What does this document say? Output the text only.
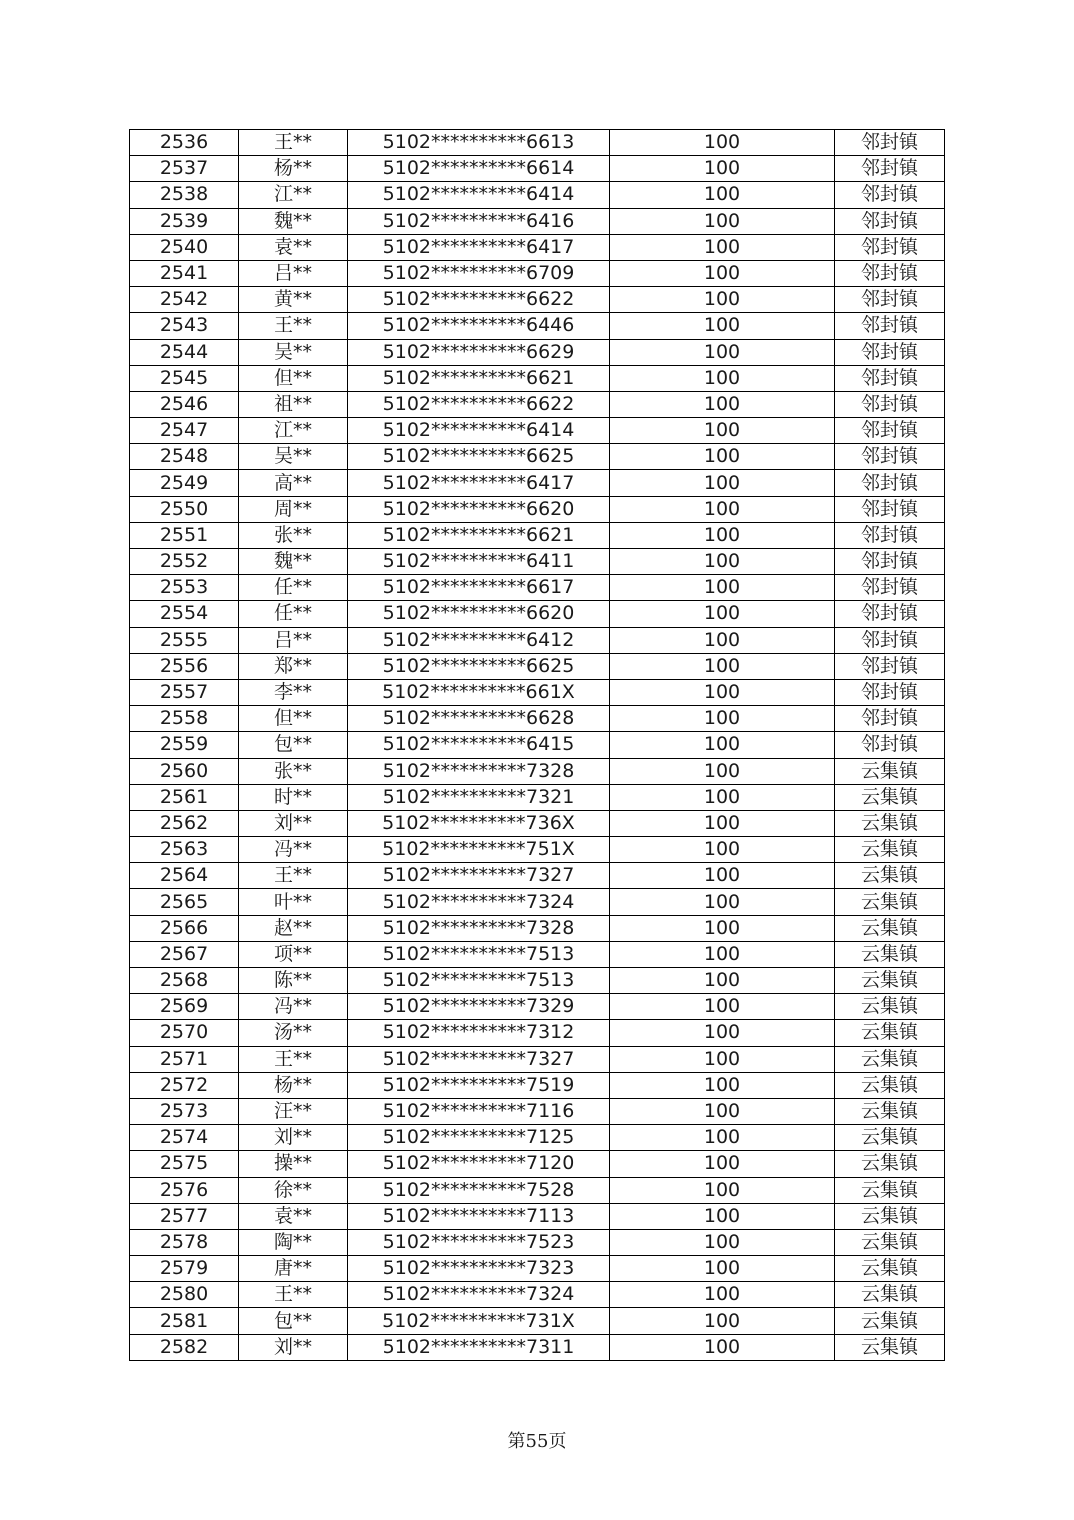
2536	王**	5102**********6613	100	邻封镇
2537	杨**	5102**********6614	100	邻封镇
2538	江**	5102**********6414	100	邻封镇
2539	魏**	5102**********6416	100	邻封镇
2540	袁**	5102**********6417	100	邻封镇
2541	吕**	5102**********6709	100	邻封镇
2542	黄**	5102**********6622	100	邻封镇
2543	王**	5102**********6446	100	邻封镇
2544	吴**	5102**********6629	100	邻封镇
2545	但**	5102**********6621	100	邻封镇
2546	祖**	5102**********6622	100	邻封镇
2547	江**	5102**********6414	100	邻封镇
2548	吴**	5102**********6625	100	邻封镇
2549	高**	5102**********6417	100	邻封镇
2550	周**	5102**********6620	100	邻封镇
2551	张**	5102**********6621	100	邻封镇
2552	魏**	5102**********6411	100	邻封镇
2553	任**	5102**********6617	100	邻封镇
2554	任**	5102**********6620	100	邻封镇
2555	吕**	5102**********6412	100	邻封镇
2556	郑**	5102**********6625	100	邻封镇
2557	李**	5102**********661X	100	邻封镇
2558	但**	5102**********6628	100	邻封镇
2559	包**	5102**********6415	100	邻封镇
2560	张**	5102**********7328	100	云集镇
2561	时**	5102**********7321	100	云集镇
2562	刘**	5102**********736X	100	云集镇
2563	冯**	5102**********751X	100	云集镇
2564	王**	5102**********7327	100	云集镇
2565	叶**	5102**********7324	100	云集镇
2566	赵**	5102**********7328	100	云集镇
2567	项**	5102**********7513	100	云集镇
2568	陈**	5102**********7513	100	云集镇
2569	冯**	5102**********7329	100	云集镇
2570	汤**	5102**********7312	100	云集镇
2571	王**	5102**********7327	100	云集镇
2572	杨**	5102**********7519	100	云集镇
2573	汪**	5102**********7116	100	云集镇
2574	刘**	5102**********7125	100	云集镇
2575	操**	5102**********7120	100	云集镇
2576	徐**	5102**********7528	100	云集镇
2577	袁**	5102**********7113	100	云集镇
2578	陶**	5102**********7523	100	云集镇
2579	唐**	5102**********7323	100	云集镇
2580	王**	5102**********7324	100	云集镇
2581	包**	5102**********731X	100	云集镇
2582	刘**	5102**********7311	100	云集镇
第55页
